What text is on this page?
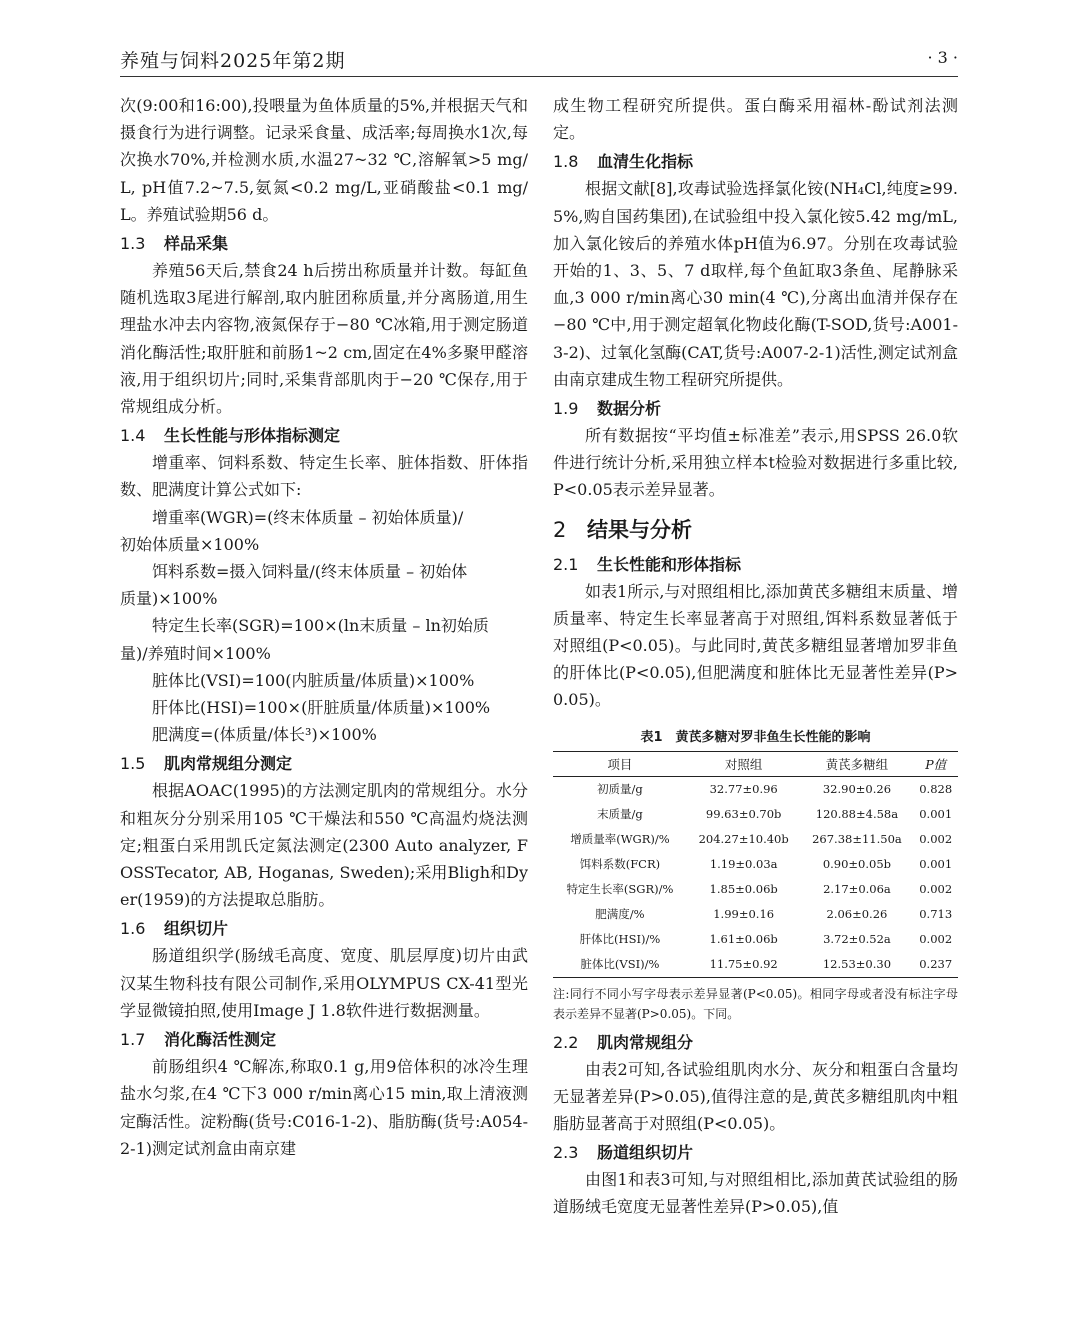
养殖与饲料2025年第2期	· 3 ·

次(9:00和16:00),投喂量为鱼体质量的5%,并根据天气和摄食行为进行调整。记录采食量、成活率;每周换水1次,每次换水70%,并检测水质,水温27~32 ℃,溶解氧>5 mg/L, pH值7.2~7.5,氨氮<0.2 mg/L,亚硝酸盐<0.1 mg/L。养殖试验期56 d。

1.3 样品采集

养殖56天后,禁食24 h后捞出称质量并计数。每缸鱼随机选取3尾进行解剖,取内脏团称质量,并分离肠道,用生理盐水冲去内容物,液氮保存于−80 ℃冰箱,用于测定肠道消化酶活性;取肝脏和前肠1~2 cm,固定在4%多聚甲醛溶液,用于组织切片;同时,采集背部肌肉于−20 ℃保存,用于常规组成分析。

1.4 生长性能与形体指标测定

增重率、饲料系数、特定生长率、脏体指数、肝体指数、肥满度计算公式如下:

增重率(WGR)=(终末体质量 – 初始体质量)/

初始体质量×100%

饵料系数=摄入饲料量/(终末体质量 – 初始体

质量)×100%

特定生长率(SGR)=100×(ln末质量 – ln初始质

量)/养殖时间×100%

脏体比(VSI)=100(内脏质量/体质量)×100%

肝体比(HSI)=100×(肝脏质量/体质量)×100%

肥满度=(体质量/体长³)×100%

1.5 肌肉常规组分测定

根据AOAC(1995)的方法测定肌肉的常规组分。水分和粗灰分分别采用105 ℃干燥法和550 ℃高温灼烧法测定;粗蛋白采用凯氏定氮法测定(2300 Auto analyzer, FOSSTecator, AB, Hoganas, Sweden);采用Bligh和Dyer(1959)的方法提取总脂肪。

1.6 组织切片

肠道组织学(肠绒毛高度、宽度、肌层厚度)切片由武汉某生物科技有限公司制作,采用OLYMPUS CX-41型光学显微镜拍照,使用Image J 1.8软件进行数据测量。

1.7 消化酶活性测定

前肠组织4 ℃解冻,称取0.1 g,用9倍体积的冰冷生理盐水匀浆,在4 ℃下3 000 r/min离心15 min,取上清液测定酶活性。淀粉酶(货号:C016-1-2)、脂肪酶(货号:A054-2-1)测定试剂盒由南京建

成生物工程研究所提供。蛋白酶采用福林-酚试剂法测定。

1.8 血清生化指标

根据文献[8],攻毒试验选择氯化铵(NH₄Cl,纯度≥99.5%,购自国药集团),在试验组中投入氯化铵5.42 mg/mL,加入氯化铵后的养殖水体pH值为6.97。分别在攻毒试验开始的1、3、5、7 d取样,每个鱼缸取3条鱼、尾静脉采血,3 000 r/min离心30 min(4 ℃),分离出血清并保存在−80 ℃中,用于测定超氧化物歧化酶(T-SOD,货号:A001-3-2)、过氧化氢酶(CAT,货号:A007-2-1)活性,测定试剂盒由南京建成生物工程研究所提供。

1.9 数据分析

所有数据按“平均值±标准差”表示,用SPSS 26.0软件进行统计分析,采用独立样本t检验对数据进行多重比较,P<0.05表示差异显著。

2 结果与分析
2.1 生长性能和形体指标

如表1所示,与对照组相比,添加黄芪多糖组末质量、增质量率、特定生长率显著高于对照组,饵料系数显著低于对照组(P<0.05)。与此同时,黄芪多糖组显著增加罗非鱼的肝体比(P<0.05),但肥满度和脏体比无显著性差异(P>0.05)。

表1　黄芪多糖对罗非鱼生长性能的影响
项目	对照组	黄芪多糖组	P值
初质量/g	32.77±0.96	32.90±0.26	0.828
末质量/g	99.63±0.70b	120.88±4.58a	0.001
增质量率(WGR)/%	204.27±10.40b	267.38±11.50a	0.002
饵料系数(FCR)	1.19±0.03a	0.90±0.05b	0.001
特定生长率(SGR)/%	1.85±0.06b	2.17±0.06a	0.002
肥满度/%	1.99±0.16	2.06±0.26	0.713
肝体比(HSI)/%	1.61±0.06b	3.72±0.52a	0.002
脏体比(VSI)/%	11.75±0.92	12.53±0.30	0.237
注:同行不同小写字母表示差异显著(P<0.05)。相同字母或者没有标注字母表示差异不显著(P>0.05)。下同。
2.2 肌肉常规组分

由表2可知,各试验组肌肉水分、灰分和粗蛋白含量均无显著差异(P>0.05),值得注意的是,黄芪多糖组肌肉中粗脂肪显著高于对照组(P<0.05)。

2.3 肠道组织切片

由图1和表3可知,与对照组相比,添加黄芪试验组的肠道肠绒毛宽度无显著性差异(P>0.05),值
